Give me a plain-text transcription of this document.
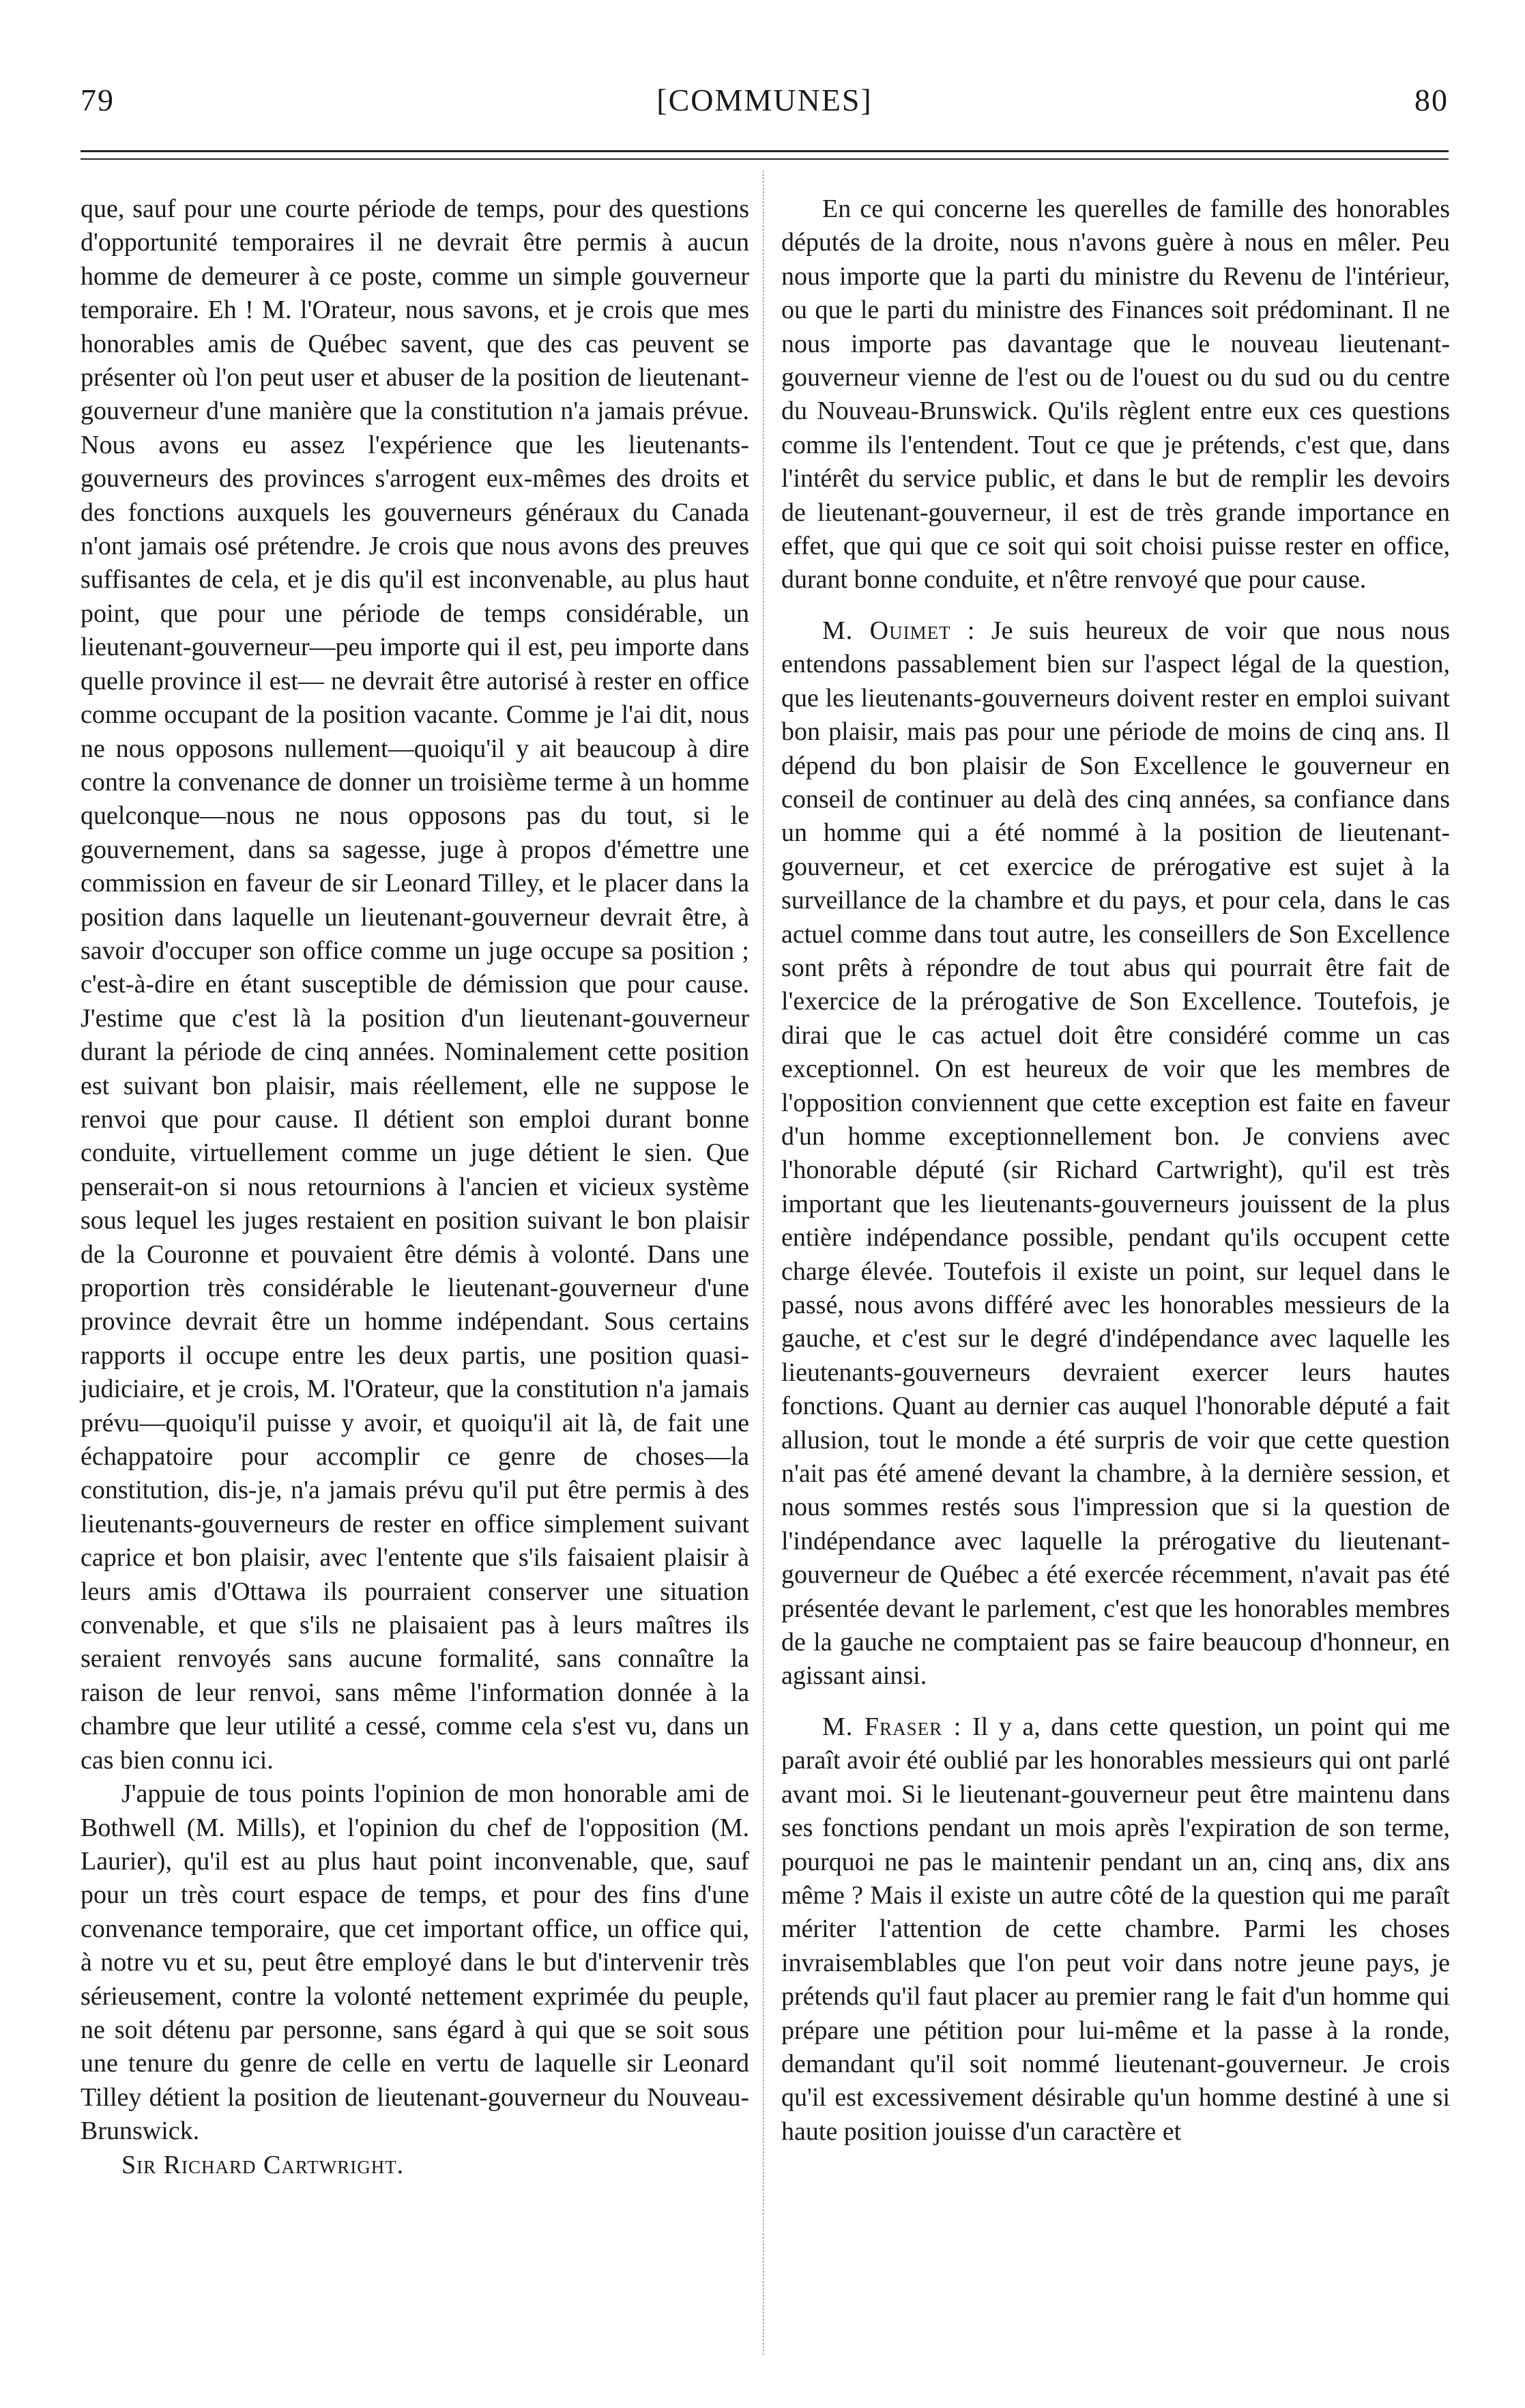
79	[COMMUNES]	80

que, sauf pour une courte période de temps, pour des questions d'opportunité temporaires il ne devrait être permis à aucun homme de demeurer à ce poste, comme un simple gouverneur temporaire. Eh ! M. l'Orateur, nous savons, et je crois que mes honorables amis de Québec savent, que des cas peuvent se présenter où l'on peut user et abuser de la position de lieutenant-gouverneur d'une manière que la constitution n'a jamais prévue. Nous avons eu assez l'expérience que les lieutenants-gouverneurs des provinces s'arrogent eux-mêmes des droits et des fonctions auxquels les gouverneurs généraux du Canada n'ont jamais osé prétendre. Je crois que nous avons des preuves suffisantes de cela, et je dis qu'il est inconvenable, au plus haut point, que pour une période de temps considérable, un lieutenant-gouverneur—peu importe qui il est, peu importe dans quelle province il est— ne devrait être autorisé à rester en office comme occupant de la position vacante. Comme je l'ai dit, nous ne nous opposons nullement—quoiqu'il y ait beaucoup à dire contre la convenance de donner un troisième terme à un homme quelconque—nous ne nous opposons pas du tout, si le gouvernement, dans sa sagesse, juge à propos d'émettre une commission en faveur de sir Leonard Tilley, et le placer dans la position dans laquelle un lieutenant-gouverneur devrait être, à savoir d'occuper son office comme un juge occupe sa position ; c'est-à-dire en étant susceptible de démission que pour cause. J'estime que c'est là la position d'un lieutenant-gouverneur durant la période de cinq années. Nominalement cette position est suivant bon plaisir, mais réellement, elle ne suppose le renvoi que pour cause. Il détient son emploi durant bonne conduite, virtuellement comme un juge détient le sien. Que penserait-on si nous retournions à l'ancien et vicieux système sous lequel les juges restaient en position suivant le bon plaisir de la Couronne et pouvaient être démis à volonté. Dans une proportion très considérable le lieutenant-gouverneur d'une province devrait être un homme indépendant. Sous certains rapports il occupe entre les deux partis, une position quasi-judiciaire, et je crois, M. l'Orateur, que la constitution n'a jamais prévu—quoiqu'il puisse y avoir, et quoiqu'il ait là, de fait une échappatoire pour accomplir ce genre de choses—la constitution, dis-je, n'a jamais prévu qu'il put être permis à des lieutenants-gouverneurs de rester en office simplement suivant caprice et bon plaisir, avec l'entente que s'ils faisaient plaisir à leurs amis d'Ottawa ils pourraient conserver une situation convenable, et que s'ils ne plaisaient pas à leurs maîtres ils seraient renvoyés sans aucune formalité, sans connaître la raison de leur renvoi, sans même l'information donnée à la chambre que leur utilité a cessé, comme cela s'est vu, dans un cas bien connu ici.

J'appuie de tous points l'opinion de mon honorable ami de Bothwell (M. Mills), et l'opinion du chef de l'opposition (M. Laurier), qu'il est au plus haut point inconvenable, que, sauf pour un très court espace de temps, et pour des fins d'une convenance temporaire, que cet important office, un office qui, à notre vu et su, peut être employé dans le but d'intervenir très sérieusement, contre la volonté nettement exprimée du peuple, ne soit détenu par personne, sans égard à qui que se soit sous une tenure du genre de celle en vertu de laquelle sir Leonard Tilley détient la position de lieutenant-gouverneur du Nouveau-Brunswick.

Sir Richard Cartwright.

En ce qui concerne les querelles de famille des honorables députés de la droite, nous n'avons guère à nous en mêler. Peu nous importe que la parti du ministre du Revenu de l'intérieur, ou que le parti du ministre des Finances soit prédominant. Il ne nous importe pas davantage que le nouveau lieutenant-gouverneur vienne de l'est ou de l'ouest ou du sud ou du centre du Nouveau-Brunswick. Qu'ils règlent entre eux ces questions comme ils l'entendent. Tout ce que je prétends, c'est que, dans l'intérêt du service public, et dans le but de remplir les devoirs de lieutenant-gouverneur, il est de très grande importance en effet, que qui que ce soit qui soit choisi puisse rester en office, durant bonne conduite, et n'être renvoyé que pour cause.

M. Ouimet : Je suis heureux de voir que nous nous entendons passablement bien sur l'aspect légal de la question, que les lieutenants-gouverneurs doivent rester en emploi suivant bon plaisir, mais pas pour une période de moins de cinq ans. Il dépend du bon plaisir de Son Excellence le gouverneur en conseil de continuer au delà des cinq années, sa confiance dans un homme qui a été nommé à la position de lieutenant-gouverneur, et cet exercice de prérogative est sujet à la surveillance de la chambre et du pays, et pour cela, dans le cas actuel comme dans tout autre, les conseillers de Son Excellence sont prêts à répondre de tout abus qui pourrait être fait de l'exercice de la prérogative de Son Excellence. Toutefois, je dirai que le cas actuel doit être considéré comme un cas exceptionnel. On est heureux de voir que les membres de l'opposition conviennent que cette exception est faite en faveur d'un homme exceptionnellement bon. Je conviens avec l'honorable député (sir Richard Cartwright), qu'il est très important que les lieutenants-gouverneurs jouissent de la plus entière indépendance possible, pendant qu'ils occupent cette charge élevée. Toutefois il existe un point, sur lequel dans le passé, nous avons différé avec les honorables messieurs de la gauche, et c'est sur le degré d'indépendance avec laquelle les lieutenants-gouverneurs devraient exercer leurs hautes fonctions. Quant au dernier cas auquel l'honorable député a fait allusion, tout le monde a été surpris de voir que cette question n'ait pas été amené devant la chambre, à la dernière session, et nous sommes restés sous l'impression que si la question de l'indépendance avec laquelle la prérogative du lieutenant-gouverneur de Québec a été exercée récemment, n'avait pas été présentée devant le parlement, c'est que les honorables membres de la gauche ne comptaient pas se faire beaucoup d'honneur, en agissant ainsi.

M. Fraser : Il y a, dans cette question, un point qui me paraît avoir été oublié par les honorables messieurs qui ont parlé avant moi. Si le lieutenant-gouverneur peut être maintenu dans ses fonctions pendant un mois après l'expiration de son terme, pourquoi ne pas le maintenir pendant un an, cinq ans, dix ans même ? Mais il existe un autre côté de la question qui me paraît mériter l'attention de cette chambre. Parmi les choses invraisemblables que l'on peut voir dans notre jeune pays, je prétends qu'il faut placer au premier rang le fait d'un homme qui prépare une pétition pour lui-même et la passe à la ronde, demandant qu'il soit nommé lieutenant-gouverneur. Je crois qu'il est excessivement désirable qu'un homme destiné à une si haute position jouisse d'un caractère et
